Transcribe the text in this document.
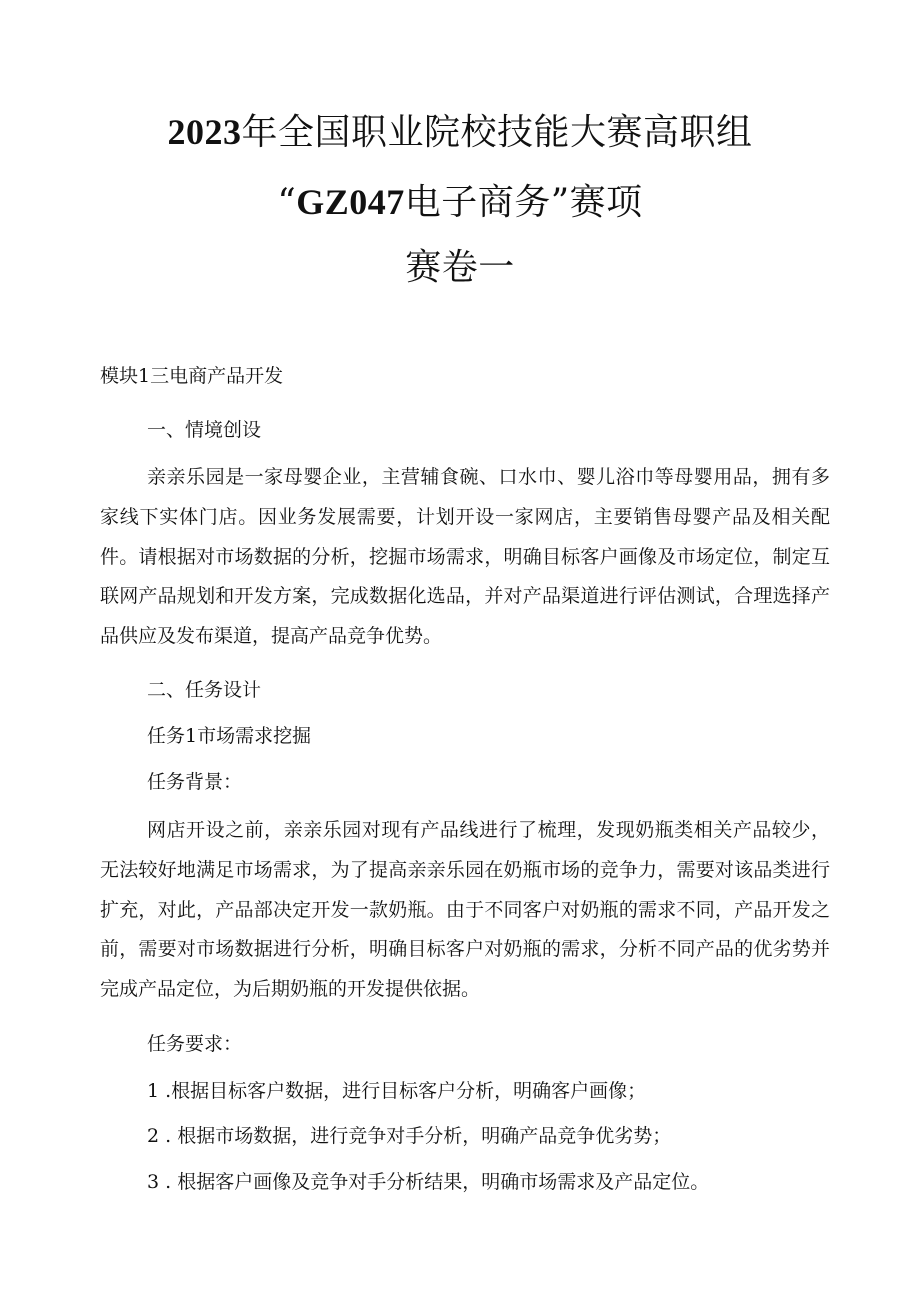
2023年全国职业院校技能大赛高职组
“GZ047电子商务”赛项
赛卷一
模块1三电商产品开发
一、情境创设
亲亲乐园是一家母婴企业，主营辅食碗、口水巾、婴儿浴巾等母婴用品，拥有多家线下实体门店。因业务发展需要，计划开设一家网店，主要销售母婴产品及相关配件。请根据对市场数据的分析，挖掘市场需求，明确目标客户画像及市场定位，制定互联网产品规划和开发方案，完成数据化选品，并对产品渠道进行评估测试，合理选择产品供应及发布渠道，提高产品竞争优势。
二、任务设计
任务1市场需求挖掘
任务背景：
网店开设之前，亲亲乐园对现有产品线进行了梳理，发现奶瓶类相关产品较少，无法较好地满足市场需求，为了提高亲亲乐园在奶瓶市场的竞争力，需要对该品类进行扩充，对此，产品部决定开发一款奶瓶。由于不同客户对奶瓶的需求不同，产品开发之前，需要对市场数据进行分析，明确目标客户对奶瓶的需求，分析不同产品的优劣势并完成产品定位，为后期奶瓶的开发提供依据。
任务要求：
1 .根据目标客户数据，进行目标客户分析，明确客户画像；
2 . 根据市场数据，进行竞争对手分析，明确产品竞争优劣势；
3 . 根据客户画像及竞争对手分析结果，明确市场需求及产品定位。
